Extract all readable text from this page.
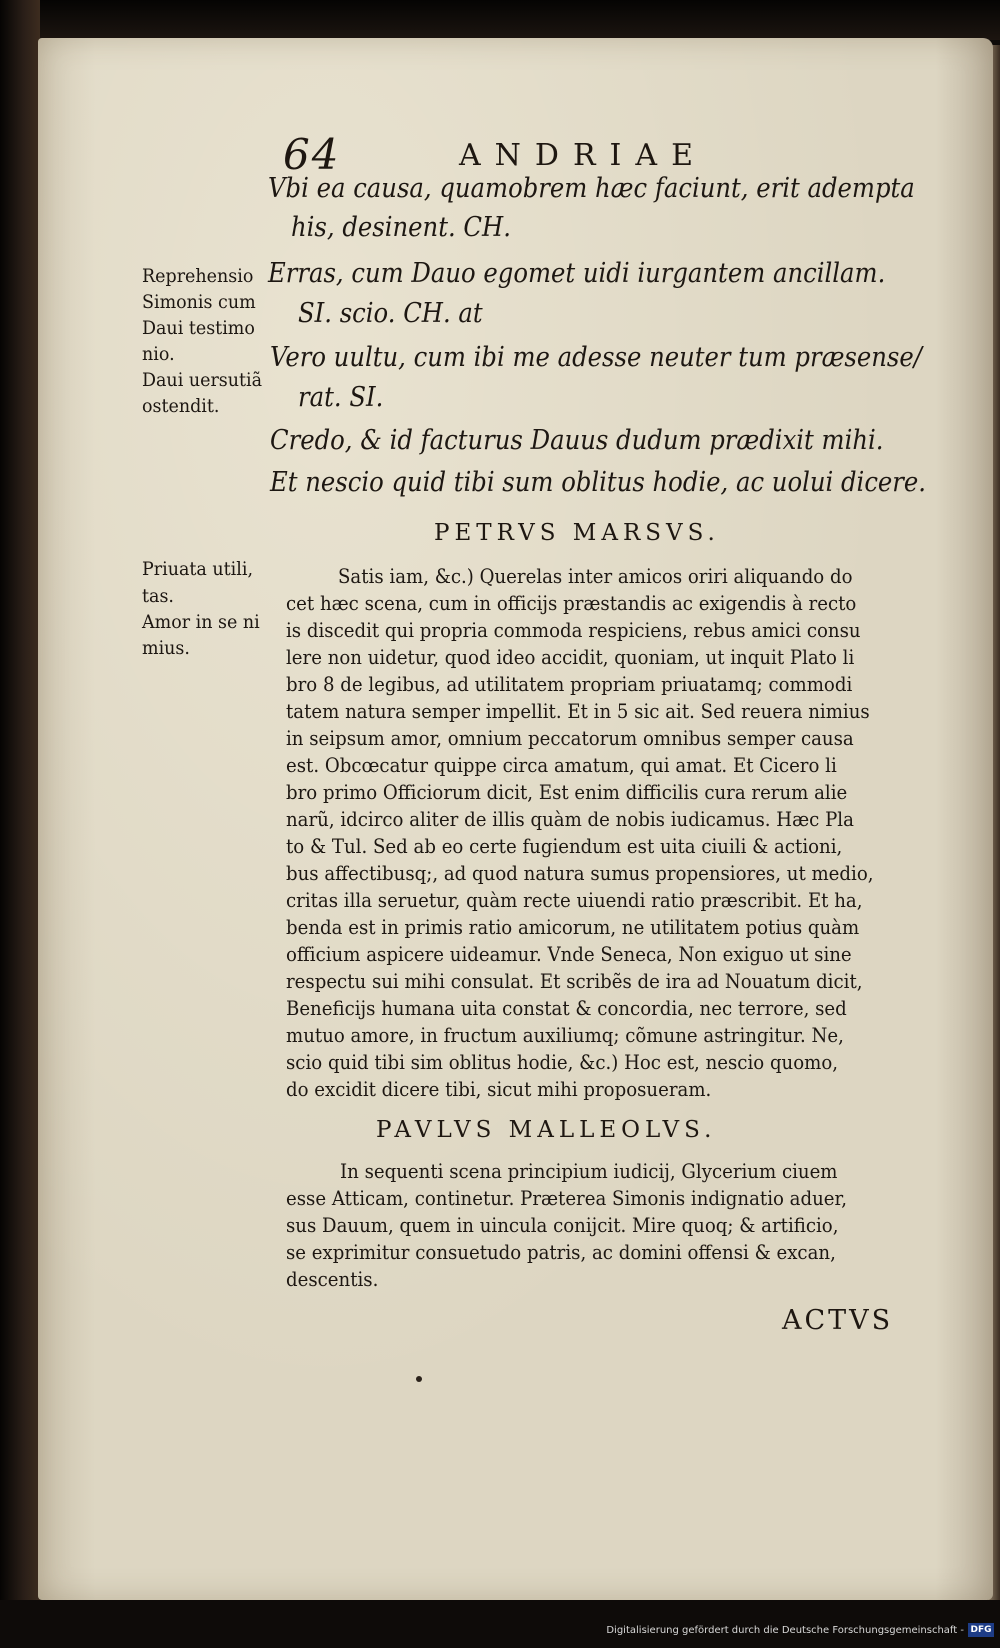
64	ANDRIAE
Vbi ea causa, quamobrem hæc faciunt, erit adempta
his, desinent. CH.
Erras, cum Dauo egomet uidi iurgantem ancillam.
SI. scio. CH. at
Vero uultu, cum ibi me adesse neuter tum præsense/
rat. SI.
Credo, & id facturus Dauus dudum prædixit mihi.
Et nescio quid tibi sum oblitus hodie, ac uolui dicere.
Reprehensio
Simonis cum
Daui testimo
nio.
Daui uersutiã
ostendit.
Priuata utili,
tas.
Amor in se ni
mius.
PETRVS MARSVS.
Satis iam, &c.) Querelas inter amicos oriri aliquando do
cet hæc scena, cum in officijs præstandis ac exigendis à recto
is discedit qui propria commoda respiciens, rebus amici consu
lere non uidetur, quod ideo accidit, quoniam, ut inquit Plato li
bro 8 de legibus, ad utilitatem propriam priuatamq; commodi
tatem natura semper impellit. Et in 5 sic ait. Sed reuera nimius
in seipsum amor, omnium peccatorum omnibus semper causa
est. Obcœcatur quippe circa amatum, qui amat. Et Cicero li
bro primo Officiorum dicit, Est enim difficilis cura rerum alie
narũ, idcirco aliter de illis quàm de nobis iudicamus. Hæc Pla
to & Tul. Sed ab eo certe fugiendum est uita ciuili & actioni,
bus affectibusq;, ad quod natura sumus propensiores, ut medio,
critas illa seruetur, quàm recte uiuendi ratio præscribit. Et ha,
benda est in primis ratio amicorum, ne utilitatem potius quàm
officium aspicere uideamur. Vnde Seneca, Non exiguo ut sine
respectu sui mihi consulat. Et scribẽs de ira ad Nouatum dicit,
Beneficijs humana uita constat & concordia, nec terrore, sed
mutuo amore, in fructum auxiliumq; cõmune astringitur. Ne,
scio quid tibi sim oblitus hodie, &c.) Hoc est, nescio quomo,
do excidit dicere tibi, sicut mihi proposueram.
PAVLVS MALLEOLVS.
In sequenti scena principium iudicij, Glycerium ciuem
esse Atticam, continetur. Præterea Simonis indignatio aduer,
sus Dauum, quem in uincula conijcit. Mire quoq; & artificio,
se exprimitur consuetudo patris, ac domini offensi & excan,
descentis.
ACTVS
Digitalisierung gefördert durch die Deutsche Forschungsgemeinschaft - DFG
